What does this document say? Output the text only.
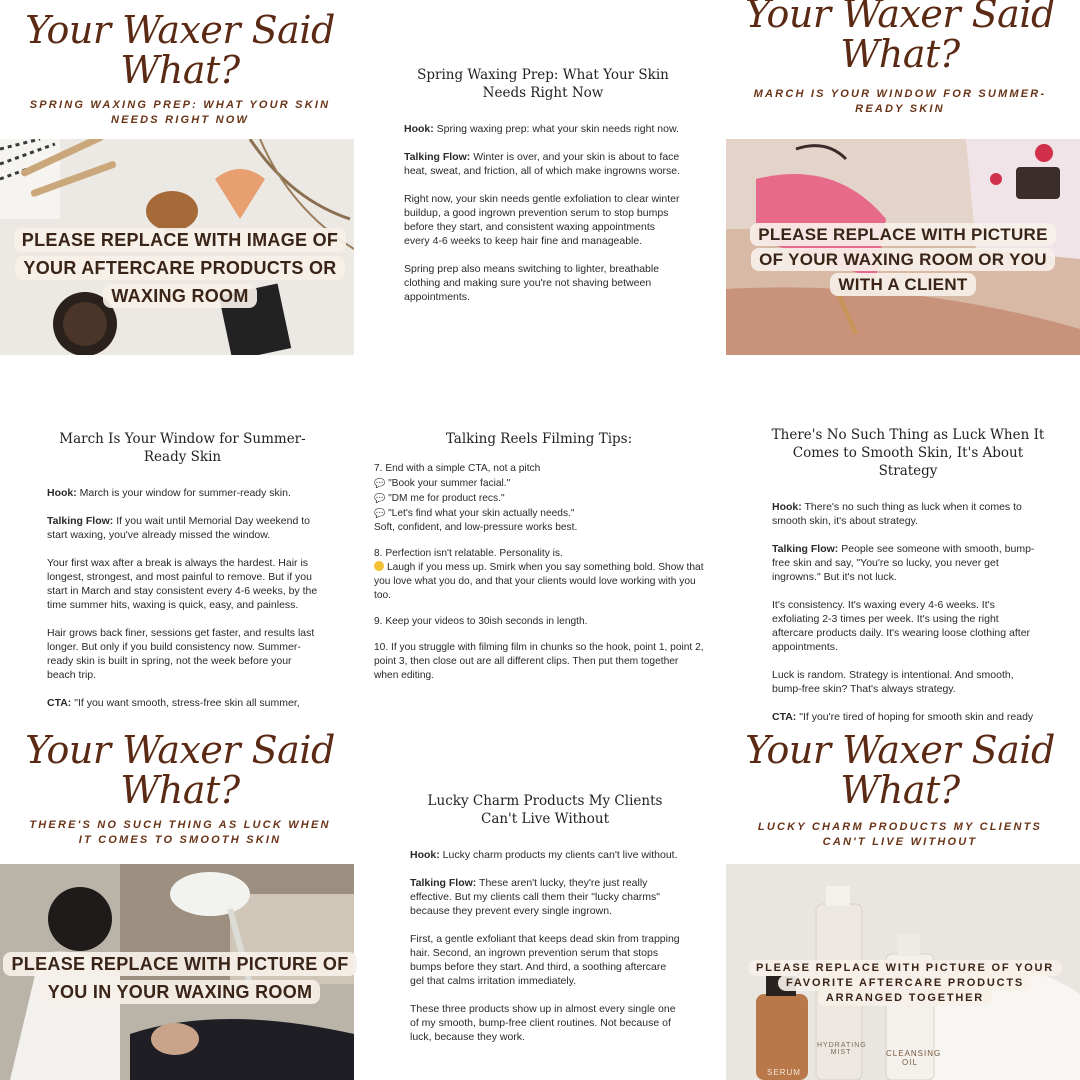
Your Waxer Said
What?
SPRING WAXING PREP: WHAT YOUR SKIN NEEDS RIGHT NOW
PLEASE REPLACE WITH IMAGE OF YOUR AFTERCARE PRODUCTS OR WAXING ROOM
Spring Waxing Prep: What Your Skin Needs Right Now

Hook: Spring waxing prep: what your skin needs right now.

Talking Flow: Winter is over, and your skin is about to face heat, sweat, and friction, all of which make ingrowns worse.

Right now, your skin needs gentle exfoliation to clear winter buildup, a good ingrown prevention serum to stop bumps before they start, and consistent waxing appointments every 4-6 weeks to keep hair fine and manageable.

Spring prep also means switching to lighter, breathable clothing and making sure you're not shaving between appointments.

Your Waxer Said
What?
MARCH IS YOUR WINDOW FOR SUMMER-READY SKIN
PLEASE REPLACE WITH PICTURE OF YOUR WAXING ROOM OR YOU WITH A CLIENT
March Is Your Window for Summer-Ready Skin

Hook: March is your window for summer-ready skin.

Talking Flow: If you wait until Memorial Day weekend to start waxing, you've already missed the window.

Your first wax after a break is always the hardest. Hair is longest, strongest, and most painful to remove. But if you start in March and stay consistent every 4-6 weeks, by the time summer hits, waxing is quick, easy, and painless.

Hair grows back finer, sessions get faster, and results last longer. But only if you build consistency now. Summer-ready skin is built in spring, not the week before your beach trip.

CTA: "If you want smooth, stress-free skin all summer,

Talking Reels Filming Tips:

7. End with a simple CTA, not a pitch
💬 "Book your summer facial."
💬 "DM me for product recs."
💬 "Let's find what your skin actually needs."
Soft, confident, and low-pressure works best.

8. Perfection isn't relatable. Personality is.
Laugh if you mess up. Smirk when you say something bold. Show that you love what you do, and that your clients would love working with you too.

9. Keep your videos to 30ish seconds in length.

10. If you struggle with filming film in chunks so the hook, point 1, point 2, point 3, then close out are all different clips. Then put them together when editing.

There's No Such Thing as Luck When It Comes to Smooth Skin, It's About Strategy

Hook: There's no such thing as luck when it comes to smooth skin, it's about strategy.

Talking Flow: People see someone with smooth, bump-free skin and say, "You're so lucky, you never get ingrowns." But it's not luck.

It's consistency. It's waxing every 4-6 weeks. It's exfoliating 2-3 times per week. It's using the right aftercare products daily. It's wearing loose clothing after appointments.

Luck is random. Strategy is intentional. And smooth, bump-free skin? That's always strategy.

CTA: "If you're tired of hoping for smooth skin and ready

Your Waxer Said
What?
THERE'S NO SUCH THING AS LUCK WHEN IT COMES TO SMOOTH SKIN
PLEASE REPLACE WITH PICTURE OF YOU IN YOUR WAXING ROOM
Lucky Charm Products My Clients Can't Live Without

Hook: Lucky charm products my clients can't live without.

Talking Flow: These aren't lucky, they're just really effective. But my clients call them their "lucky charms" because they prevent every single ingrown.

First, a gentle exfoliant that keeps dead skin from trapping hair. Second, an ingrown prevention serum that stops bumps before they start. And third, a soothing aftercare gel that calms irritation immediately.

These three products show up in almost every single one of my smooth, bump-free client routines. Not because of luck, because they work.

Your Waxer Said
What?
LUCKY CHARM PRODUCTS MY CLIENTS CAN'T LIVE WITHOUT
HYDRATING MIST	CLEANSING OIL
SERUM
PLEASE REPLACE WITH PICTURE OF YOUR FAVORITE AFTERCARE PRODUCTS ARRANGED TOGETHER
